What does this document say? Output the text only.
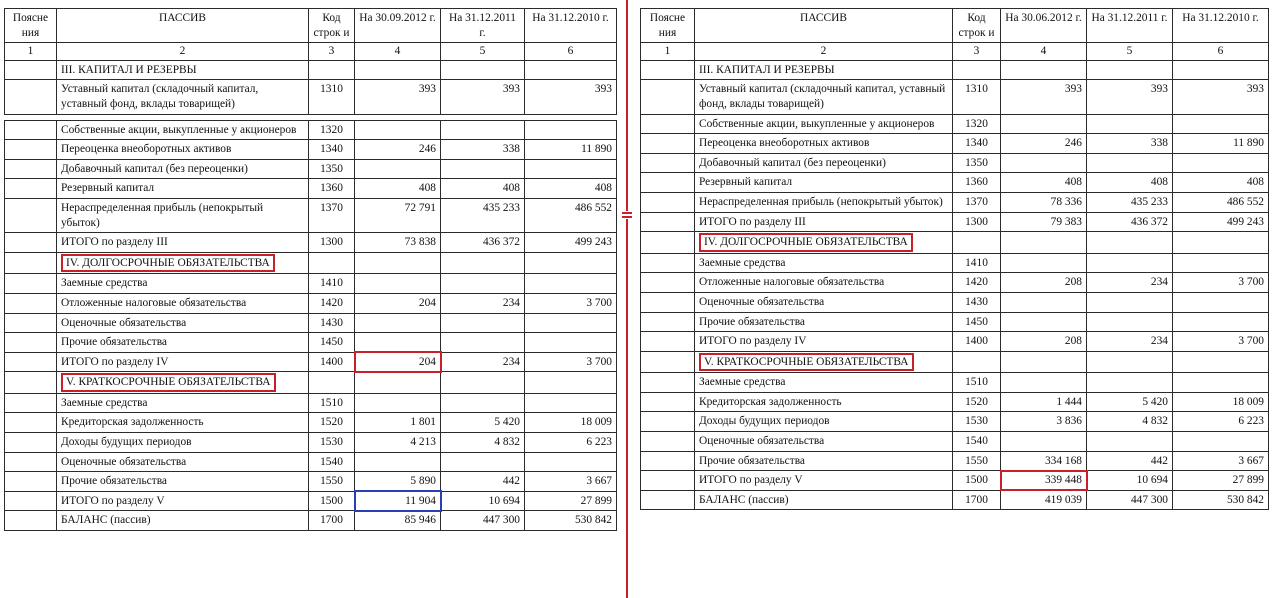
Поясне ния	ПАССИВ	Код строк и	На 30.09.2012 г.	На 31.12.2011 г.	На 31.12.2010 г.
1	2	3	4	5	6
	III. КАПИТАЛ И РЕЗЕРВЫ				
	Уставный капитал (складочный капитал, уставный фонд, вклады товарищей)	1310	393	393	393

	Собственные акции, выкупленные у акционеров	1320			
	Переоценка внеоборотных активов	1340	246	338	11 890
	Добавочный капитал (без переоценки)	1350			
	Резервный капитал	1360	408	408	408
	Нераспределенная прибыль (непокрытый убыток)	1370	72 791	435 233	486 552
	ИТОГО по разделу III	1300	73 838	436 372	499 243
	IV. ДОЛГОСРОЧНЫЕ ОБЯЗАТЕЛЬСТВА				
	Заемные средства	1410			
	Отложенные налоговые обязательства	1420	204	234	3 700
	Оценочные обязательства	1430			
	Прочие обязательства	1450			
	ИТОГО по разделу IV	1400	204	234	3 700
	V. КРАТКОСРОЧНЫЕ ОБЯЗАТЕЛЬСТВА				
	Заемные средства	1510			
	Кредиторская задолженность	1520	1 801	5 420	18 009
	Доходы будущих периодов	1530	4 213	4 832	6 223
	Оценочные обязательства	1540			
	Прочие обязательства	1550	5 890	442	3 667
	ИТОГО по разделу V	1500	11 904	10 694	27 899
	БАЛАНС (пассив)	1700	85 946	447 300	530 842
Поясне ния	ПАССИВ	Код строк и	На 30.06.2012 г.	На 31.12.2011 г.	На 31.12.2010 г.
1	2	3	4	5	6
	III. КАПИТАЛ И РЕЗЕРВЫ				
	Уставный капитал (складочный капитал, уставный фонд, вклады товарищей)	1310	393	393	393
	Собственные акции, выкупленные у акционеров	1320			
	Переоценка внеоборотных активов	1340	246	338	11 890
	Добавочный капитал (без переоценки)	1350			
	Резервный капитал	1360	408	408	408
	Нераспределенная прибыль (непокрытый убыток)	1370	78 336	435 233	486 552
	ИТОГО по разделу III	1300	79 383	436 372	499 243
	IV. ДОЛГОСРОЧНЫЕ ОБЯЗАТЕЛЬСТВА				
	Заемные средства	1410			
	Отложенные налоговые обязательства	1420	208	234	3 700
	Оценочные обязательства	1430			
	Прочие обязательства	1450			
	ИТОГО по разделу IV	1400	208	234	3 700
	V. КРАТКОСРОЧНЫЕ ОБЯЗАТЕЛЬСТВА				
	Заемные средства	1510			
	Кредиторская задолженность	1520	1 444	5 420	18 009
	Доходы будущих периодов	1530	3 836	4 832	6 223
	Оценочные обязательства	1540			
	Прочие обязательства	1550	334 168	442	3 667
	ИТОГО по разделу V	1500	339 448	10 694	27 899
	БАЛАНС (пассив)	1700	419 039	447 300	530 842
